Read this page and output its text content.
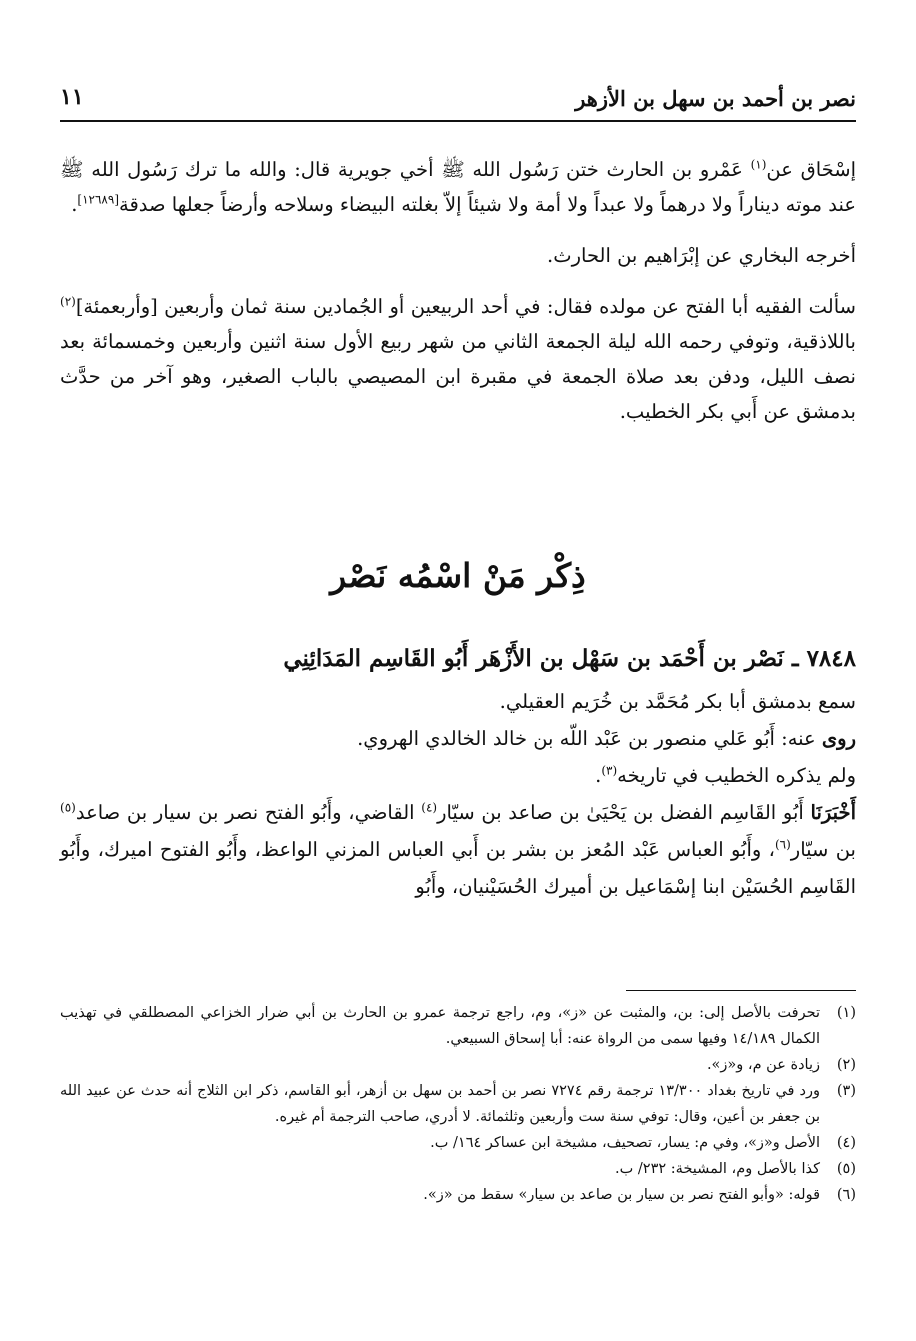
نصر بن أحمد بن سهل بن الأزهر
١١

إسْحَاق عن$^{(١)}$ عَمْرو بن الحارث ختن رَسُول الله ﷺ أخي جويرية قال: والله ما ترك رَسُول الله ﷺ عند موته ديناراً ولا درهماً ولا عبداً ولا أمة ولا شيئاً إلاّ بغلته البيضاء وسلاحه وأرضاً جعلها صدقة[١٢٦٨٩].

أخرجه البخاري عن إبْرَاهيم بن الحارث.

سألت الفقيه أبا الفتح عن مولده فقال: في أحد الربيعين أو الجُمادين سنة ثمان وأربعين [وأربعمئة]$^{(٢)}$ باللاذقية، وتوفي رحمه الله ليلة الجمعة الثاني من شهر ربيع الأول سنة اثنين وأربعين وخمسمائة بعد نصف الليل، ودفن بعد صلاة الجمعة في مقبرة ابن المصيصي بالباب الصغير، وهو آخر من حدَّث بدمشق عن أَبي بكر الخطيب.

ذِكْر مَنْ اسْمُه نَصْر
٧٨٤٨ ـ نَصْر بن أَحْمَد بن سَهْل بن الأَزْهَر أَبُو القَاسِم المَدَائِنِي

سمع بدمشق أبا بكر مُحَمَّد بن خُرَيم العقيلي.

روى عنه: أَبُو عَلي منصور بن عَبْد اللّه بن خالد الخالدي الهروي.

ولم يذكره الخطيب في تاريخه$^{(٣)}$.

أَخْبَرَنَا أَبُو القَاسِم الفضل بن يَحْيَىٰ بن صاعد بن سيّار$^{(٤)}$ القاضي، وأَبُو الفتح نصر بن سيار بن صاعد$^{(٥)}$ بن سيّار$^{(٦)}$، وأَبُو العباس عَبْد المُعز بن بشر بن أَبي العباس المزني الواعظ، وأَبُو الفتوح اميرك، وأَبُو القَاسِم الحُسَيْن ابنا إسْمَاعيل بن أميرك الحُسَيْنيان، وأَبُو

(١)
تحرفت بالأصل إلى: بن، والمثبت عن «ز»، وم، راجع ترجمة عمرو بن الحارث بن أبي ضرار الخزاعي المصطلقي في تهذيب الكمال ١٤/١٨٩ وفيها سمى من الرواة عنه: أبا إسحاق السبيعي.
(٢)
زيادة عن م، و«ز».
(٣)
ورد في تاريخ بغداد ١٣/٣٠٠ ترجمة رقم ٧٢٧٤ نصر بن أحمد بن سهل بن أزهر، أبو القاسم، ذكر ابن الثلاج أنه حدث عن عبيد الله بن جعفر بن أعين، وقال: توفي سنة ست وأربعين وثلثمائة. لا أدري، صاحب الترجمة أم غيره.
(٤)
الأصل و«ز»، وفي م: يسار، تصحيف، مشيخة ابن عساكر ١٦٤/ ب.
(٥)
كذا بالأصل وم، المشيخة: ٢٣٢/ ب.
(٦)
قوله: «وأبو الفتح نصر بن سيار بن صاعد بن سيار» سقط من «ز».
